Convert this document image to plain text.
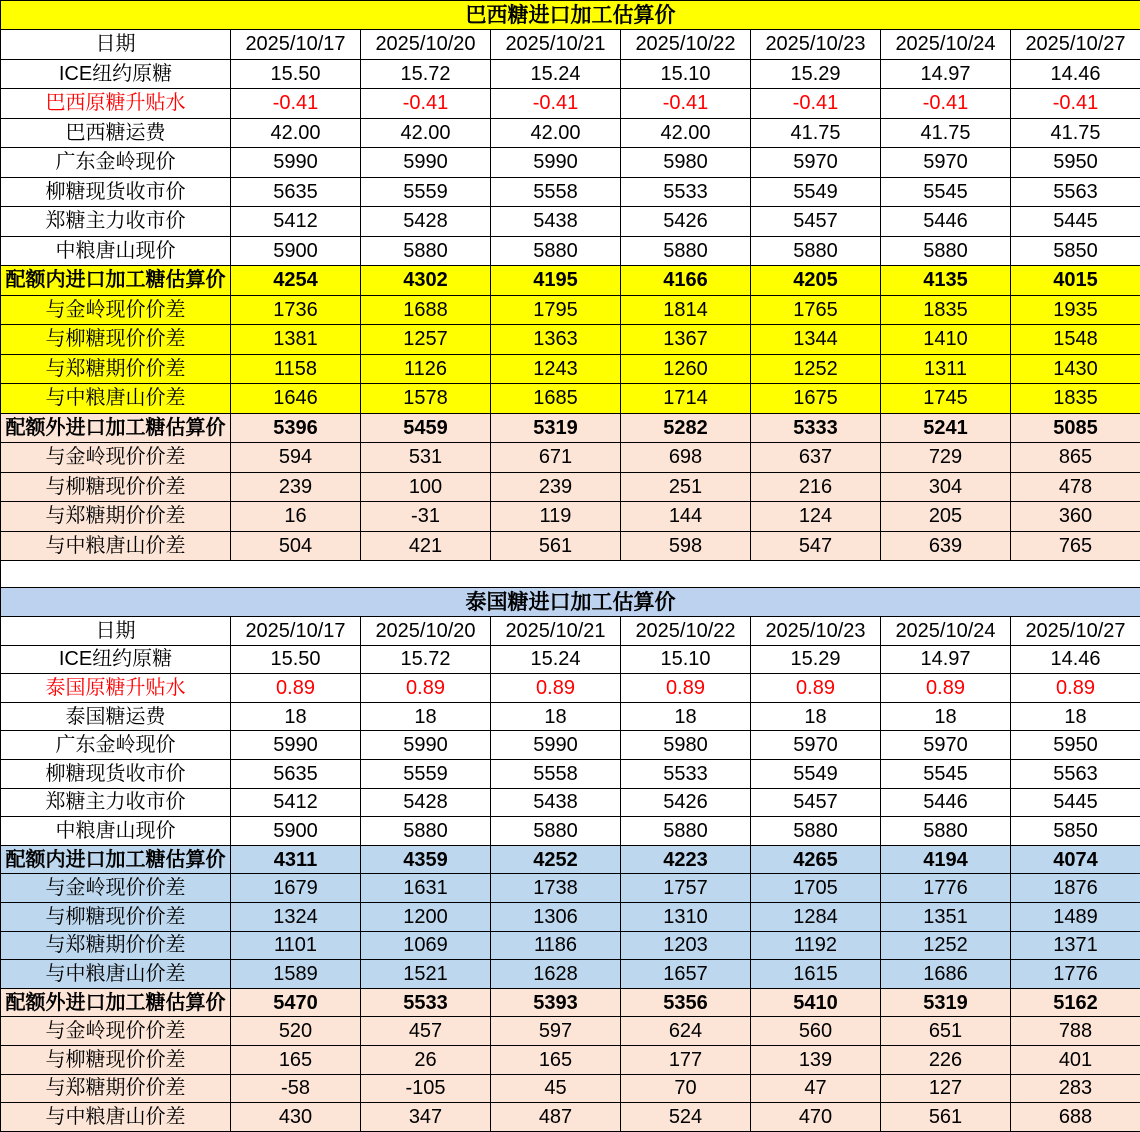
巴西糖进口加工估算价							
日期	2025/10/17	2025/10/20	2025/10/21	2025/10/22	2025/10/23	2025/10/24	2025/10/27
ICE纽约原糖	15.50	15.72	15.24	15.10	15.29	14.97	14.46
巴西原糖升贴水	-0.41	-0.41	-0.41	-0.41	-0.41	-0.41	-0.41
巴西糖运费	42.00	42.00	42.00	42.00	41.75	41.75	41.75
广东金岭现价	5990	5990	5990	5980	5970	5970	5950
柳糖现货收市价	5635	5559	5558	5533	5549	5545	5563
郑糖主力收市价	5412	5428	5438	5426	5457	5446	5445
中粮唐山现价	5900	5880	5880	5880	5880	5880	5850
配额内进口加工糖估算价	4254	4302	4195	4166	4205	4135	4015
与金岭现价价差	1736	1688	1795	1814	1765	1835	1935
与柳糖现价价差	1381	1257	1363	1367	1344	1410	1548
与郑糖期价价差	1158	1126	1243	1260	1252	1311	1430
与中粮唐山价差	1646	1578	1685	1714	1675	1745	1835
配额外进口加工糖估算价	5396	5459	5319	5282	5333	5241	5085
与金岭现价价差	594	531	671	698	637	729	865
与柳糖现价价差	239	100	239	251	216	304	478
与郑糖期价价差	16	-31	119	144	124	205	360
与中粮唐山价差	504	421	561	598	547	639	765
泰国糖进口加工估算价							
日期	2025/10/17	2025/10/20	2025/10/21	2025/10/22	2025/10/23	2025/10/24	2025/10/27
ICE纽约原糖	15.50	15.72	15.24	15.10	15.29	14.97	14.46
泰国原糖升贴水	0.89	0.89	0.89	0.89	0.89	0.89	0.89
泰国糖运费	18	18	18	18	18	18	18
广东金岭现价	5990	5990	5990	5980	5970	5970	5950
柳糖现货收市价	5635	5559	5558	5533	5549	5545	5563
郑糖主力收市价	5412	5428	5438	5426	5457	5446	5445
中粮唐山现价	5900	5880	5880	5880	5880	5880	5850
配额内进口加工糖估算价	4311	4359	4252	4223	4265	4194	4074
与金岭现价价差	1679	1631	1738	1757	1705	1776	1876
与柳糖现价价差	1324	1200	1306	1310	1284	1351	1489
与郑糖期价价差	1101	1069	1186	1203	1192	1252	1371
与中粮唐山价差	1589	1521	1628	1657	1615	1686	1776
配额外进口加工糖估算价	5470	5533	5393	5356	5410	5319	5162
与金岭现价价差	520	457	597	624	560	651	788
与柳糖现价价差	165	26	165	177	139	226	401
与郑糖期价价差	-58	-105	45	70	47	127	283
与中粮唐山价差	430	347	487	524	470	561	688
